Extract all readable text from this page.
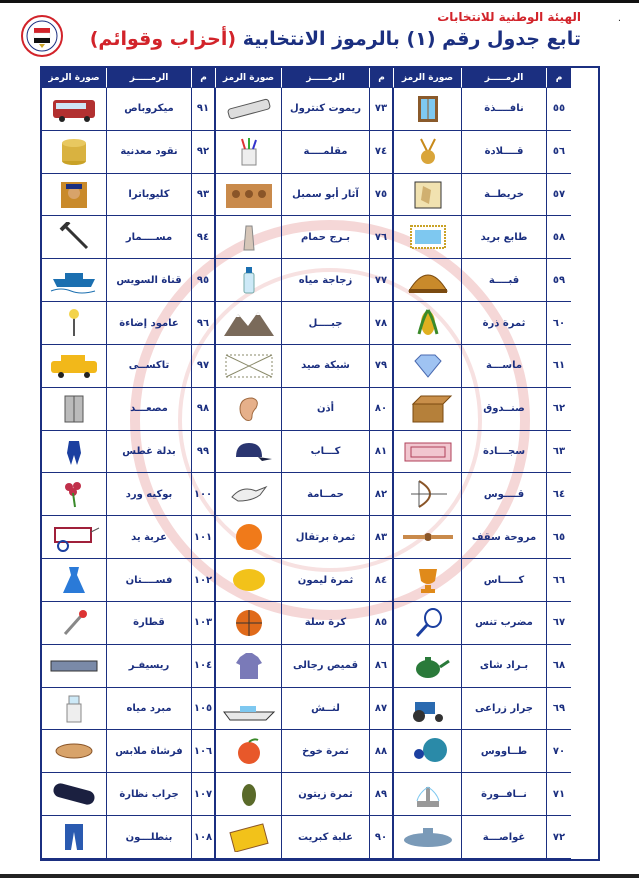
·
الهيئة الوطنية للانتخابات
تابع جدول رقم (١) بالرموز الانتخابية (أحزاب وقوائم)
صورة الرمز	الرمـــــز	م	صورة الرمز	الرمـــــز	م	صورة الرمز	الرمـــــز	م
ميكروباص	٩١	ريموت كنترول	٧٣	نافــــذة	٥٥
نقود معدنية	٩٢	مقلمــــة	٧٤	قــــلادة	٥٦
كليوباترا	٩٣	آثار أبو سمبل	٧٥	خريطــة	٥٧
مســــمار	٩٤	بـرج حمام	٧٦	طابع بريد	٥٨
قناة السويس	٩٥	زجاجة مياه	٧٧	قبــــة	٥٩
عامود إضاءة	٩٦	جبــــل	٧٨	ثمرة ذرة	٦٠
تاكســى	٩٧	شبكة صيد	٧٩	ماســـة	٦١
مصعـــد	٩٨	أذن	٨٠	صنــدوق	٦٢
بدلة غطس	٩٩	كـــاب	٨١	سجـــادة	٦٣
بوكيه ورد	١٠٠	حمــامة	٨٢	قــــوس	٦٤
عربة يد	١٠١	ثمرة برتقال	٨٣	مروحة سقف	٦٥
فســــتان	١٠٢	ثمرة ليمون	٨٤	كـــــاس	٦٦
قطارة	١٠٣	كرة سلة	٨٥	مضرب تنس	٦٧
ريسيفـر	١٠٤	قميص رجالى	٨٦	بـراد شاى	٦٨
مبرد مياه	١٠٥	لنــش	٨٧	جرار زراعى	٦٩
فرشاة ملابس	١٠٦	ثمرة خوخ	٨٨	طــاووس	٧٠
جراب نظارة	١٠٧	ثمرة زيتون	٨٩	نــافــورة	٧١
بنطلـــون	١٠٨	علبة كبريت	٩٠	غواصـــة	٧٢
